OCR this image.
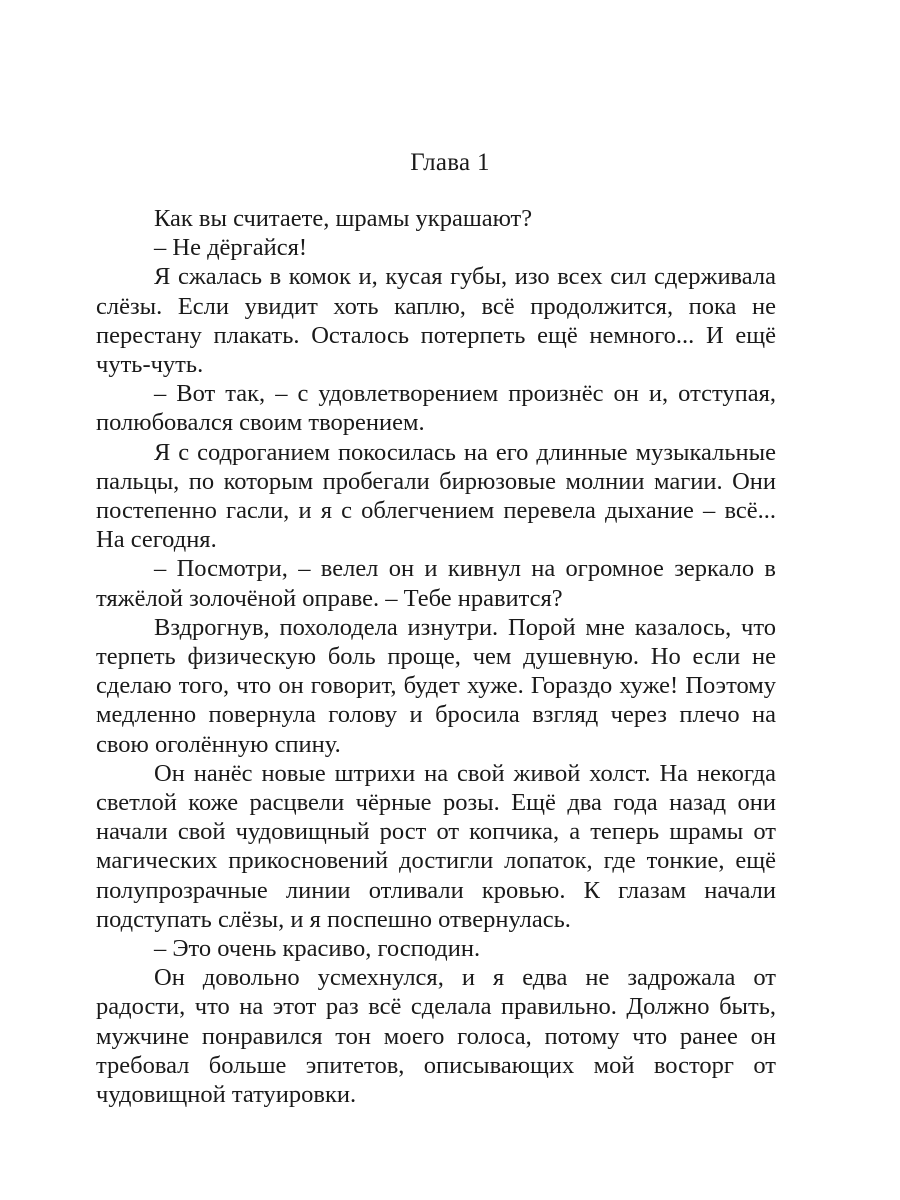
Глава 1

Как вы считаете, шрамы украшают?

– Не дёргайся!

Я сжалась в комок и, кусая губы, изо всех сил сдерживала слёзы. Если увидит хоть каплю, всё продолжится, пока не перестану плакать. Осталось потерпеть ещё немного... И ещё чуть-чуть.

– Вот так, – с удовлетворением произнёс он и, отступая, полюбовался своим творением.

Я с содроганием покосилась на его длинные музыкальные пальцы, по которым пробегали бирюзовые молнии магии. Они постепенно гасли, и я с облегчением перевела дыхание – всё... На сегодня.

– Посмотри, – велел он и кивнул на огромное зеркало в тяжёлой золочёной оправе. – Тебе нравится?

Вздрогнув, похолодела изнутри. Порой мне казалось, что терпеть физическую боль проще, чем душевную. Но если не сделаю того, что он говорит, будет хуже. Гораздо хуже! Поэтому медленно повернула голову и бросила взгляд через плечо на свою оголённую спину.

Он нанёс новые штрихи на свой живой холст. На некогда светлой коже расцвели чёрные розы. Ещё два года назад они начали свой чудовищный рост от копчика, а теперь шрамы от магических прикосновений достигли лопаток, где тонкие, ещё полупрозрачные линии отливали кровью. К глазам начали подступать слёзы, и я поспешно отвернулась.

– Это очень красиво, господин.

Он довольно усмехнулся, и я едва не задрожала от радости, что на этот раз всё сделала правильно. Должно быть, мужчине понравился тон моего голоса, потому что ранее он требовал больше эпитетов, описывающих мой восторг от чудовищной татуировки.
